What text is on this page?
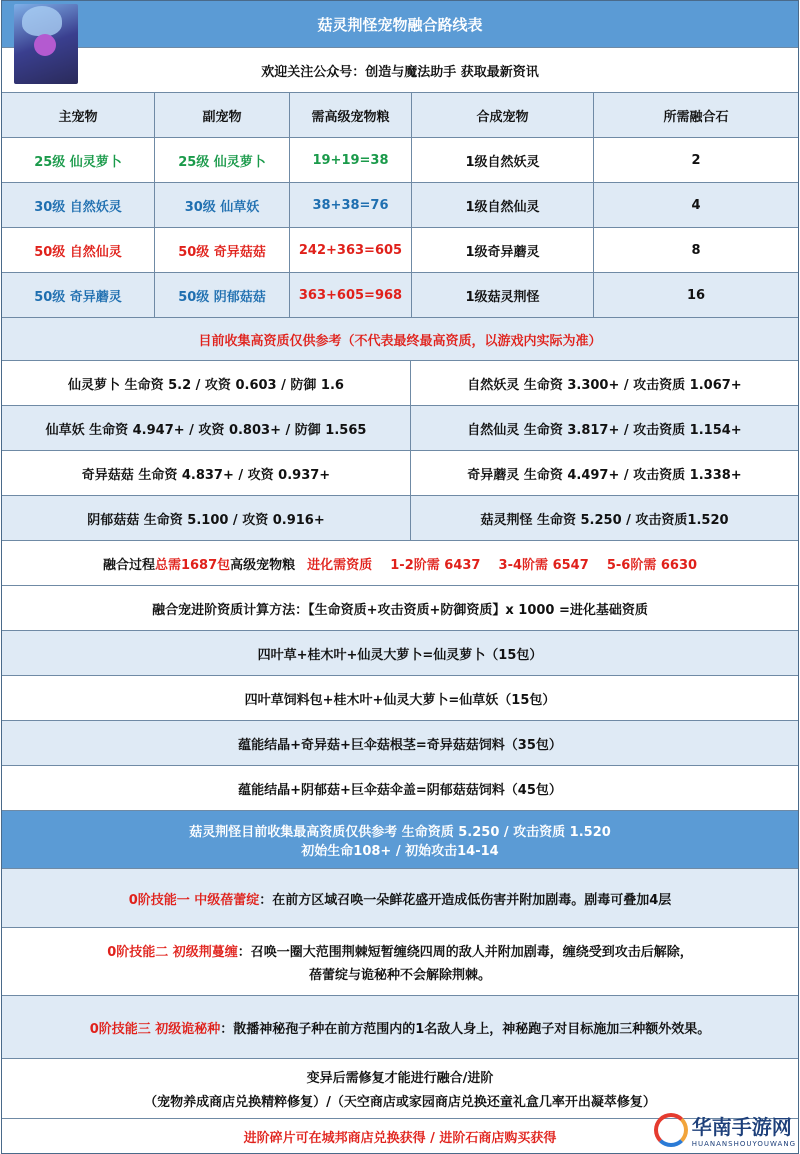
菇灵荆怪宠物融合路线表
欢迎关注公众号：创造与魔法助手 获取最新资讯
主宠物	副宠物	需高级宠物粮	合成宠物	所需融合石
25级 仙灵萝卜	25级 仙灵萝卜	19+19=38	1级自然妖灵	2
30级 自然妖灵	30级 仙草妖	38+38=76	1级自然仙灵	4
50级 自然仙灵	50级 奇异菇菇	242+363=605	1级奇异蘑灵	8
50级 奇异蘑灵	50级 阴郁菇菇	363+605=968	1级菇灵荆怪	16
目前收集高资质仅供参考（不代表最终最高资质，以游戏内实际为准）
仙灵萝卜 生命资 5.2 / 攻资 0.603 / 防御 1.6	自然妖灵 生命资 3.300+ / 攻击资质 1.067+
仙草妖 生命资 4.947+ / 攻资 0.803+ / 防御 1.565	自然仙灵 生命资 3.817+ / 攻击资质 1.154+
奇异菇菇 生命资 4.837+ / 攻资 0.937+	奇异蘑灵 生命资 4.497+ / 攻击资质 1.338+
阴郁菇菇 生命资 5.100 / 攻资 0.916+	菇灵荆怪 生命资 5.250 / 攻击资质1.520
融合过程 总需1687包 高级宠物粮 进化需资质    1-2阶需 6437    3-4阶需 6547    5-6阶需 6630
融合宠进阶资质计算方法：【生命资质+攻击资质+防御资质】x 1000 =进化基础资质
四叶草+桂木叶+仙灵大萝卜=仙灵萝卜（15包）
四叶草饲料包+桂木叶+仙灵大萝卜=仙草妖（15包）
蕴能结晶+奇异菇+巨伞菇根茎=奇异菇菇饲料（35包）
蕴能结晶+阴郁菇+巨伞菇伞盖=阴郁菇菇饲料（45包）
菇灵荆怪目前收集最高资质仅供参考 生命资质 5.250 / 攻击资质 1.520
初始生命108+ / 初始攻击14-14
0阶技能一 中级蓓蕾绽 ：在前方区域召唤一朵鲜花盛开造成低伤害并附加剧毒。剧毒可叠加4层
0阶技能二 初级荆蔓缠：召唤一圈大范围荆棘短暂缠绕四周的敌人并附加剧毒，缠绕受到攻击后解除，
蓓蕾绽与诡秘种不会解除荆棘。
0阶技能三 初级诡秘种 ：散播神秘孢子种在前方范围内的1名敌人身上，神秘跑子对目标施加三种额外效果。
变异后需修复才能进行融合/进阶
（宠物养成商店兑换精粹修复）/（天空商店或家园商店兑换还童礼盒几率开出凝萃修复）
进阶碎片可在城邦商店兑换获得 / 进阶石商店购买获得	华南手游网
HUANANSHOUYOUWANG
